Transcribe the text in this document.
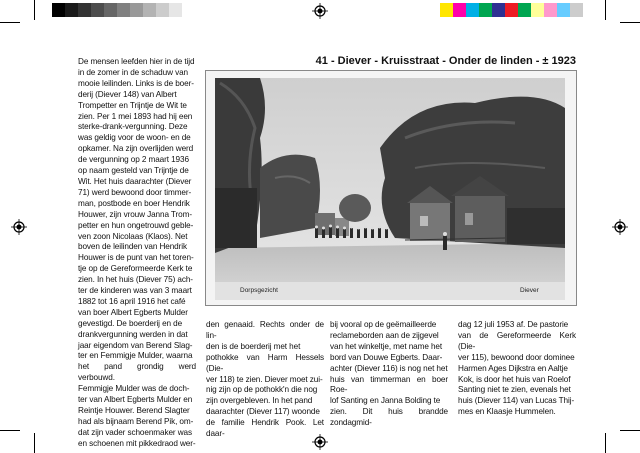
41 - Diever - Kruisstraat - Onder de linden - ± 1923
Dorpsgezicht	Diever

De mensen leefden hier in de tijd

in de zomer in de schaduw van

mooie leilinden. Links is de boer-

derij (Diever 148) van Albert

Trompetter en Trijntje de Wit te

zien. Per 1 mei 1893 had hij een

sterke-drank-vergunning. Deze

was geldig voor de woon- en de

opkamer. Na zijn overlijden werd

de vergunning op 2 maart 1936

op naam gesteld van Trijntje de

Wit. Het huis daarachter (Diever

71) werd bewoond door timmer-

man, postbode en boer Hendrik

Houwer, zijn vrouw Janna Trom-

petter en hun ongetrouwd geble-

ven zoon Nicolaas (Klaos). Net

boven de leilinden van Hendrik

Houwer is de punt van het toren-

tje op de Gereformeerde Kerk te

zien. In het huis (Diever 75) ach-

ter de kinderen was van 3 maart

1882 tot 16 april 1916 het café

van boer Albert Egberts Mulder

gevestigd. De boerderij en de

drankvergunning werden in dat

jaar eigendom van Berend Slag-

ter en Femmigje Mulder, waarna

het pand grondig werd verbouwd.

Femmigje Mulder was de doch-

ter van Albert Egberts Mulder en

Reintje Houwer. Berend Slagter

had als bijnaam Berend Pik, om-

dat zijn vader schoenmaker was

en schoenen mit pikkedraod wer-

den genaaid. Rechts onder de lin-

den is de boerderij met het

pothokke van Harm Hessels (Die-

ver 118) te zien. Diever moet zui-

nig zijn op de pothokk'n die nog

zijn overgebleven. In het pand

daarachter (Diever 117) woonde

de familie Hendrik Pook. Let daar-

bij vooral op de geëmailleerde

reclameborden aan de zijgevel

van het winkeltje, met name het

bord van Douwe Egberts. Daar-

achter (Diever 116) is nog net het

huis van timmerman en boer Roe-

lof Santing en Janna Bolding te

zien. Dit huis brandde zondagmid-

dag 12 juli 1953 af. De pastorie

van de Gereformeerde Kerk (Die-

ver 115), bewoond door dominee

Harmen Ages Dijkstra en Aaltje

Kok, is door het huis van Roelof

Santing niet te zien, evenals het

huis (Diever 114) van Lucas Thij-

mes en Klaasje Hummelen.
